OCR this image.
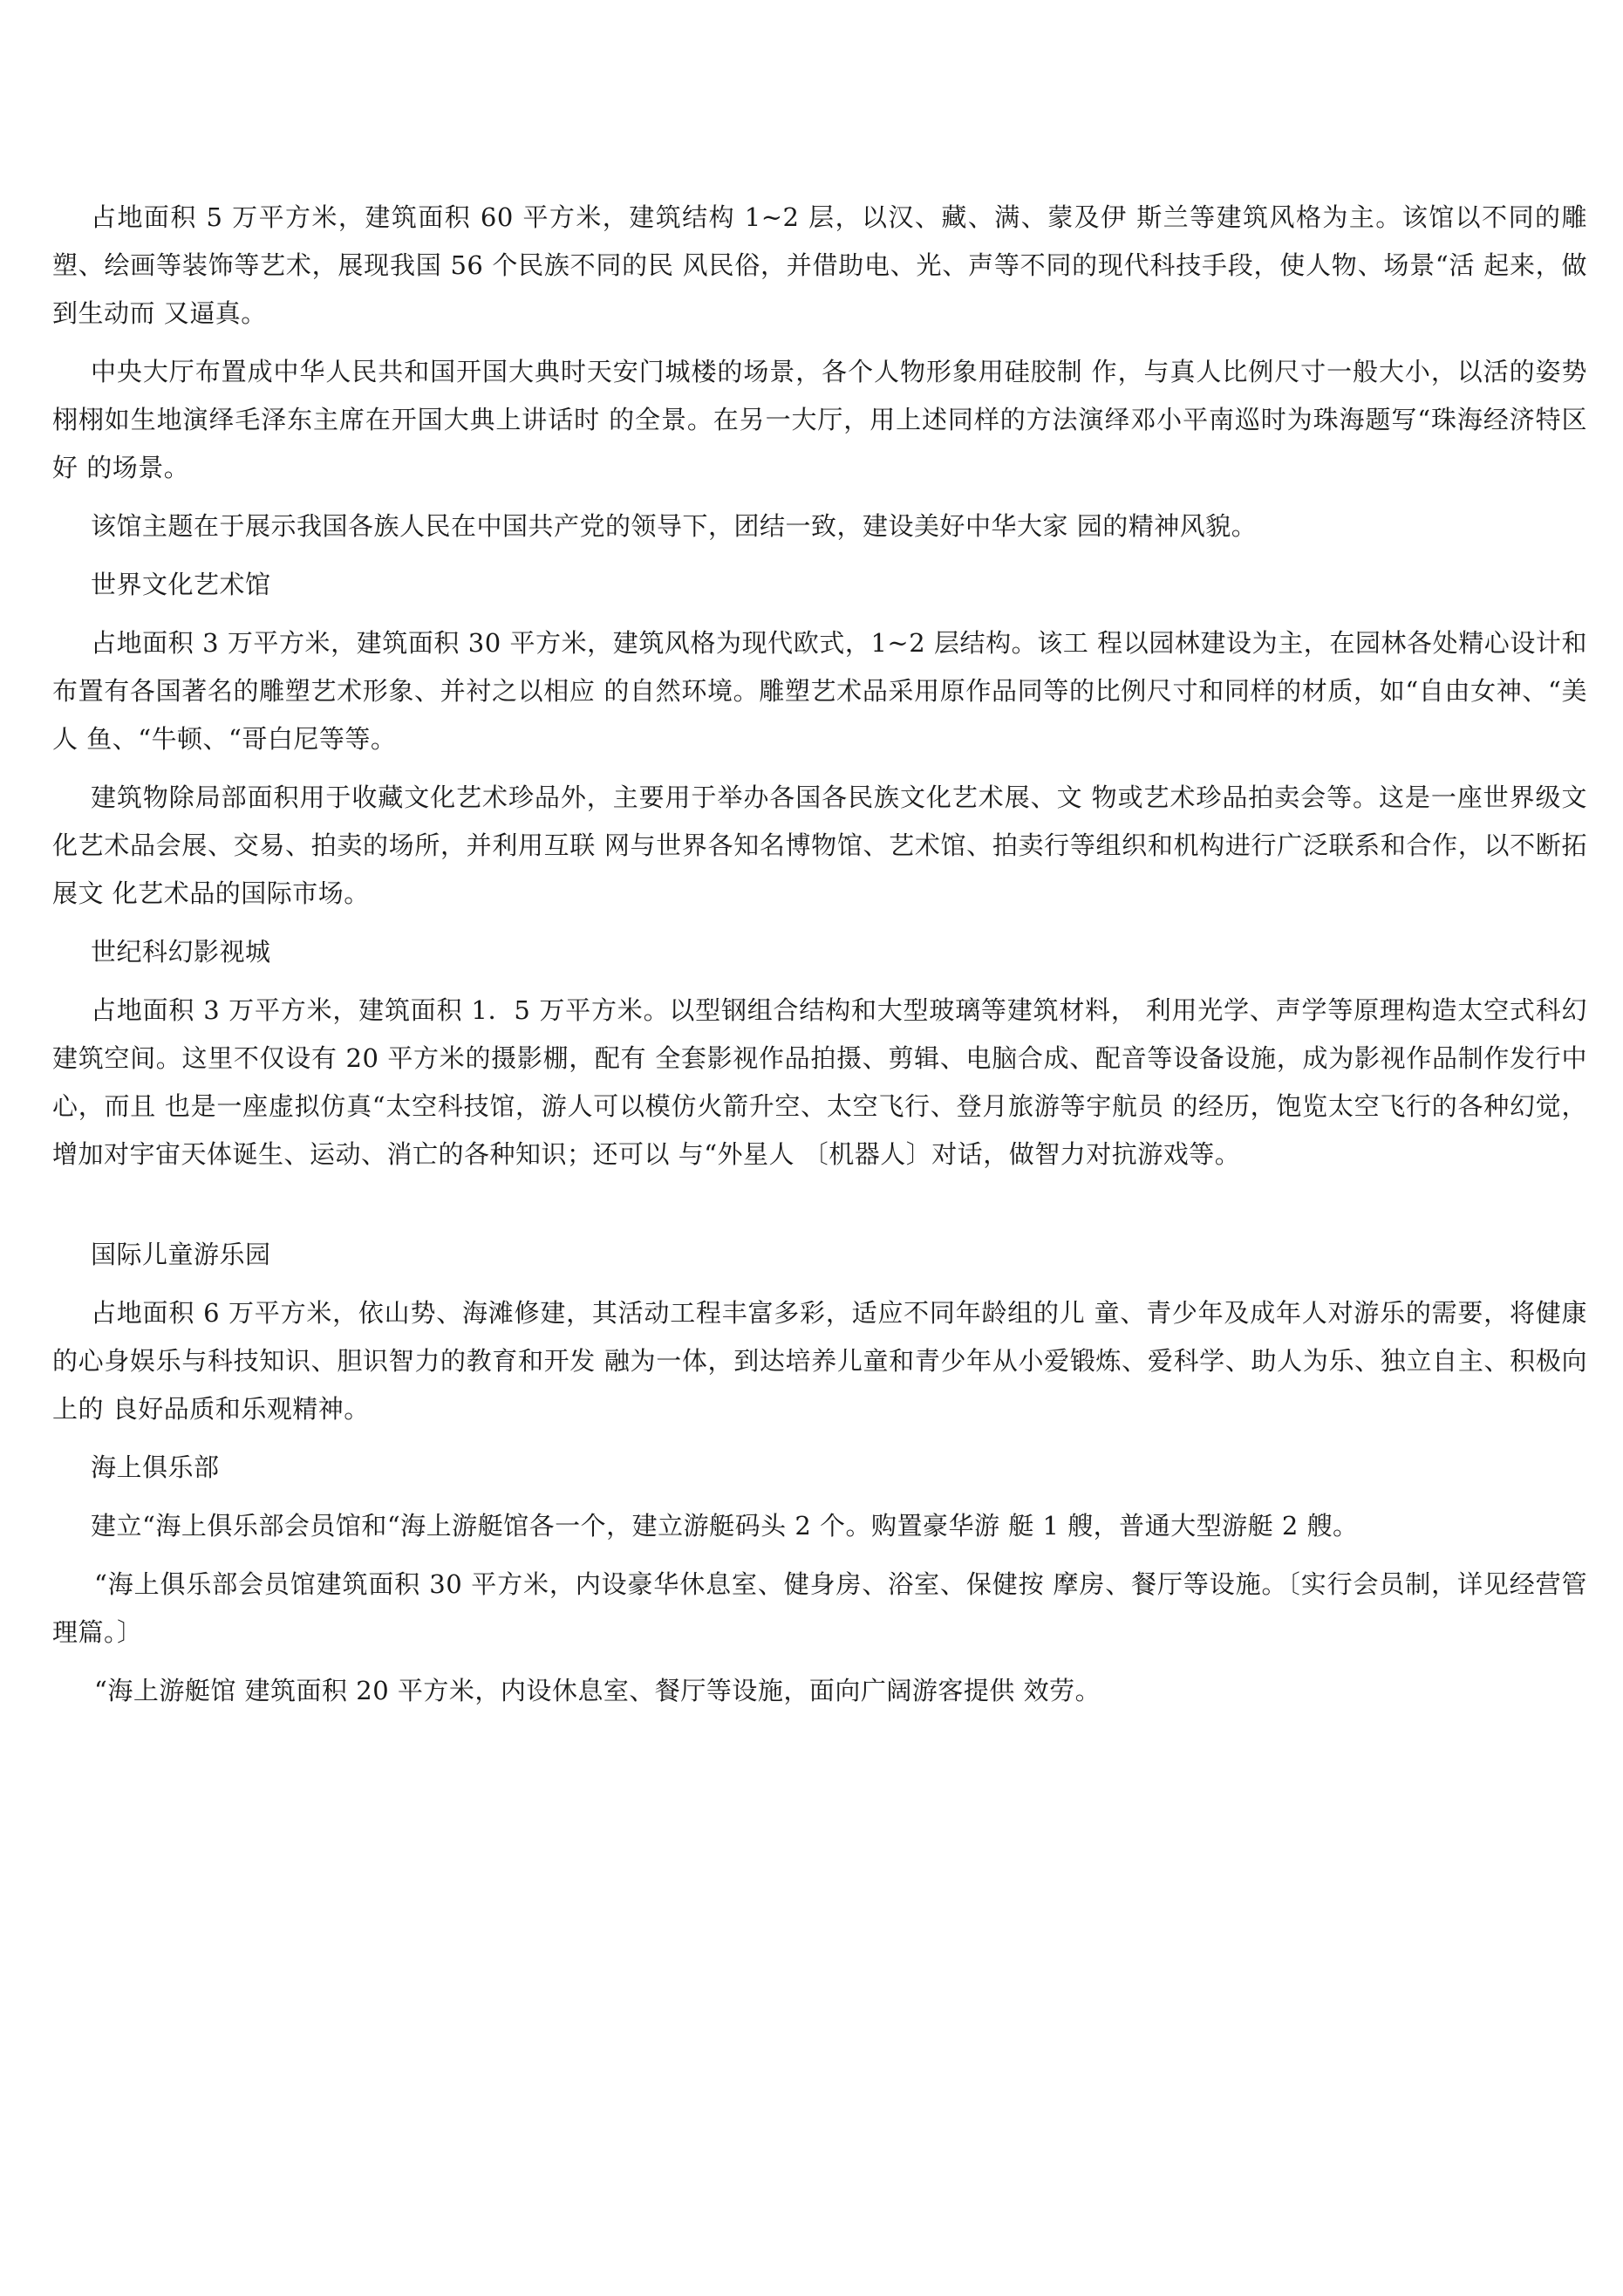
占地面积 5 万平方米，建筑面积 60 平方米，建筑结构 1~2 层，以汉、藏、满、蒙及伊 斯兰等建筑风格为主。该馆以不同的雕塑、绘画等装饰等艺术，展现我国 56 个民族不同的民 风民俗，并借助电、光、声等不同的现代科技手段，使人物、场景“活 起来，做到生动而 又逼真。

中央大厅布置成中华人民共和国开国大典时天安门城楼的场景，各个人物形象用硅胶制 作，与真人比例尺寸一般大小，以活的姿势栩栩如生地演绎毛泽东主席在开国大典上讲话时 的全景。在另一大厅，用上述同样的方法演绎邓小平南巡时为珠海题写“珠海经济特区好 的场景。

该馆主题在于展示我国各族人民在中国共产党的领导下，团结一致，建设美好中华大家 园的精神风貌。

世界文化艺术馆

占地面积 3 万平方米，建筑面积 30 平方米，建筑风格为现代欧式，1~2 层结构。该工 程以园林建设为主，在园林各处精心设计和布置有各国著名的雕塑艺术形象、并衬之以相应 的自然环境。雕塑艺术品采用原作品同等的比例尺寸和同样的材质，如“自由女神、“美人 鱼、“牛顿、“哥白尼等等。

建筑物除局部面积用于收藏文化艺术珍品外，主要用于举办各国各民族文化艺术展、文 物或艺术珍品拍卖会等。这是一座世界级文化艺术品会展、交易、拍卖的场所，并利用互联 网与世界各知名博物馆、艺术馆、拍卖行等组织和机构进行广泛联系和合作，以不断拓展文 化艺术品的国际市场。

世纪科幻影视城

占地面积 3 万平方米，建筑面积 1．5 万平方米。以型钢组合结构和大型玻璃等建筑材料， 利用光学、声学等原理构造太空式科幻建筑空间。这里不仅设有 20 平方米的摄影棚，配有 全套影视作品拍摄、剪辑、电脑合成、配音等设备设施，成为影视作品制作发行中心，而且 也是一座虚拟仿真“太空科技馆，游人可以模仿火箭升空、太空飞行、登月旅游等宇航员 的经历，饱览太空飞行的各种幻觉，增加对宇宙天体诞生、运动、消亡的各种知识；还可以 与“外星人 〔机器人〕对话，做智力对抗游戏等。

国际儿童游乐园

占地面积 6 万平方米，依山势、海滩修建，其活动工程丰富多彩，适应不同年龄组的儿 童、青少年及成年人对游乐的需要，将健康的心身娱乐与科技知识、胆识智力的教育和开发 融为一体，到达培养儿童和青少年从小爱锻炼、爱科学、助人为乐、独立自主、积极向上的 良好品质和乐观精神。

海上俱乐部

建立“海上俱乐部会员馆和“海上游艇馆各一个，建立游艇码头 2 个。购置豪华游 艇 1 艘，普通大型游艇 2 艘。

“海上俱乐部会员馆建筑面积 30 平方米，内设豪华休息室、健身房、浴室、保健按 摩房、餐厅等设施。〔实行会员制，详见经营管理篇。〕

“海上游艇馆 建筑面积 20 平方米，内设休息室、餐厅等设施，面向广阔游客提供 效劳。
